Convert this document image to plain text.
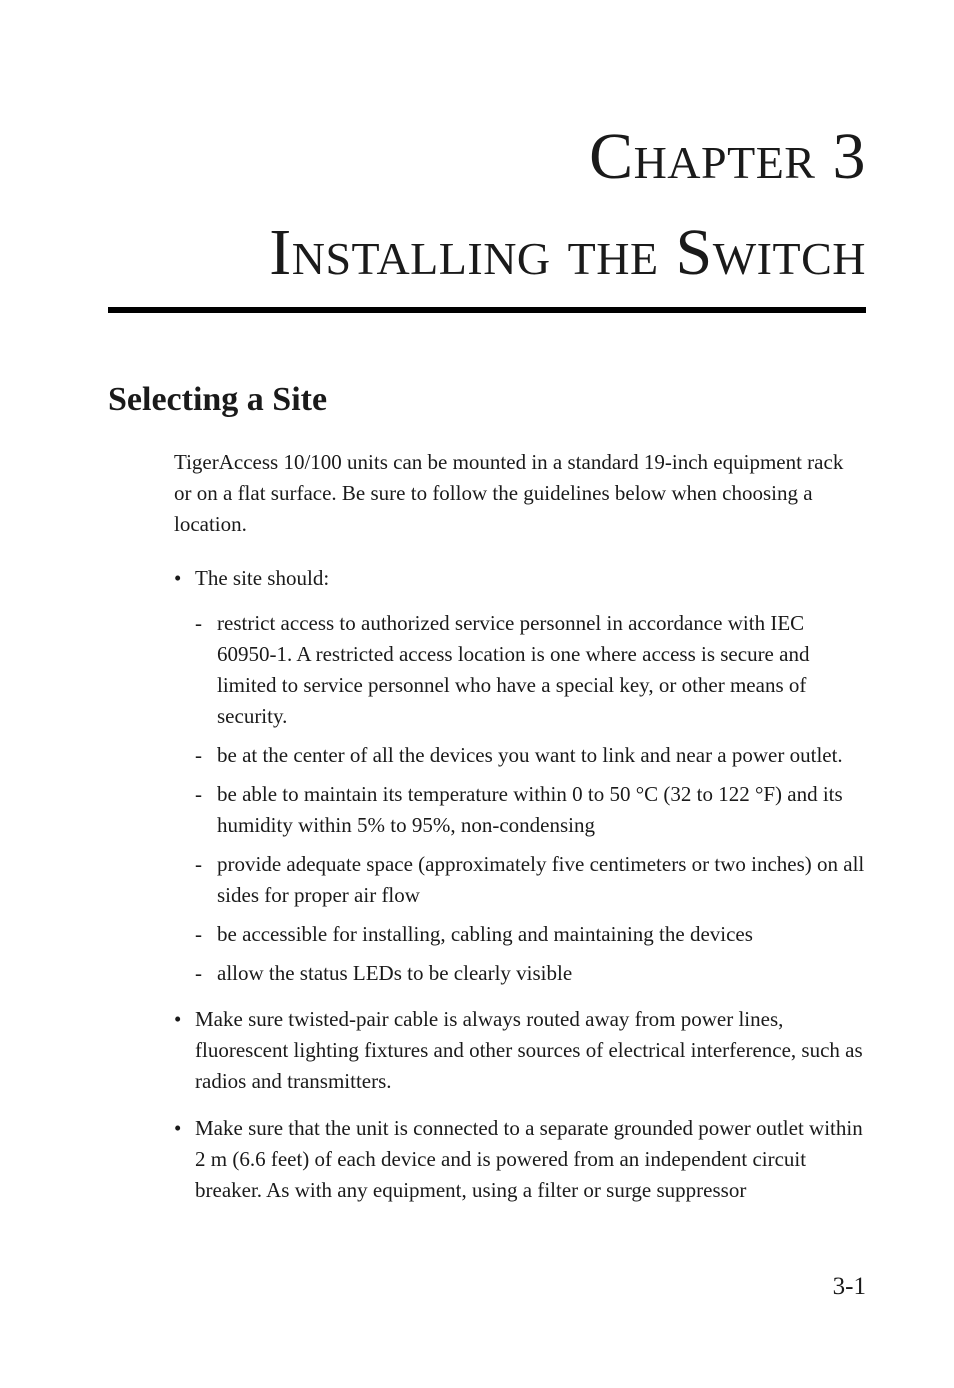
Chapter 3
Installing the Switch
Selecting a Site

TigerAccess 10/100 units can be mounted in a standard 19-inch equipment rack or on a flat surface. Be sure to follow the guidelines below when choosing a location.

• The site should:

- restrict access to authorized service personnel in accordance with IEC 60950-1. A restricted access location is one where access is secure and limited to service personnel who have a special key, or other means of security.

- be at the center of all the devices you want to link and near a power outlet.

- be able to maintain its temperature within 0 to 50 °C (32 to 122 °F) and its humidity within 5% to 95%, non-condensing

- provide adequate space (approximately five centimeters or two inches) on all sides for proper air flow

- be accessible for installing, cabling and maintaining the devices

- allow the status LEDs to be clearly visible

• Make sure twisted-pair cable is always routed away from power lines, fluorescent lighting fixtures and other sources of electrical interference, such as radios and transmitters.

• Make sure that the unit is connected to a separate grounded power outlet within 2 m (6.6 feet) of each device and is powered from an independent circuit breaker. As with any equipment, using a filter or surge suppressor

3-1
